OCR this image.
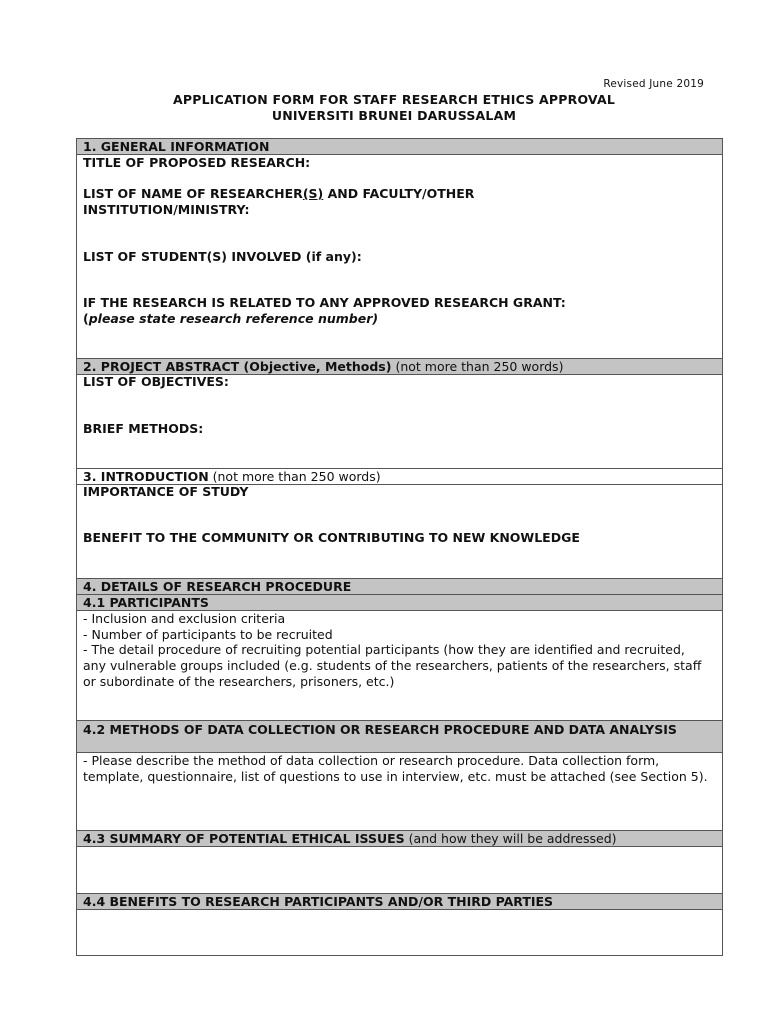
Revised June 2019
APPLICATION FORM FOR STAFF RESEARCH ETHICS APPROVAL
UNIVERSITI BRUNEI DARUSSALAM
1. GENERAL INFORMATION
TITLE OF PROPOSED RESEARCH:
LIST OF NAME OF RESEARCHER(S) AND FACULTY/OTHER
INSTITUTION/MINISTRY:
LIST OF STUDENT(S) INVOLVED (if any):
IF THE RESEARCH IS RELATED TO ANY APPROVED RESEARCH GRANT:
(please state research reference number)
2. PROJECT ABSTRACT (Objective, Methods) (not more than 250 words)
LIST OF OBJECTIVES:
BRIEF METHODS:
3. INTRODUCTION (not more than 250 words)
IMPORTANCE OF STUDY
BENEFIT TO THE COMMUNITY OR CONTRIBUTING TO NEW KNOWLEDGE
4. DETAILS OF RESEARCH PROCEDURE
4.1 PARTICIPANTS
- Inclusion and exclusion criteria
- Number of participants to be recruited
- The detail procedure of recruiting potential participants (how they are identified and recruited, any vulnerable groups included (e.g. students of the researchers, patients of the researchers, staff or subordinate of the researchers, prisoners, etc.)
4.2 METHODS OF DATA COLLECTION OR RESEARCH PROCEDURE AND DATA ANALYSIS
- Please describe the method of data collection or research procedure. Data collection form, template, questionnaire, list of questions to use in interview, etc. must be attached (see Section 5).
4.3 SUMMARY OF POTENTIAL ETHICAL ISSUES (and how they will be addressed)
4.4 BENEFITS TO RESEARCH PARTICIPANTS AND/OR THIRD PARTIES
